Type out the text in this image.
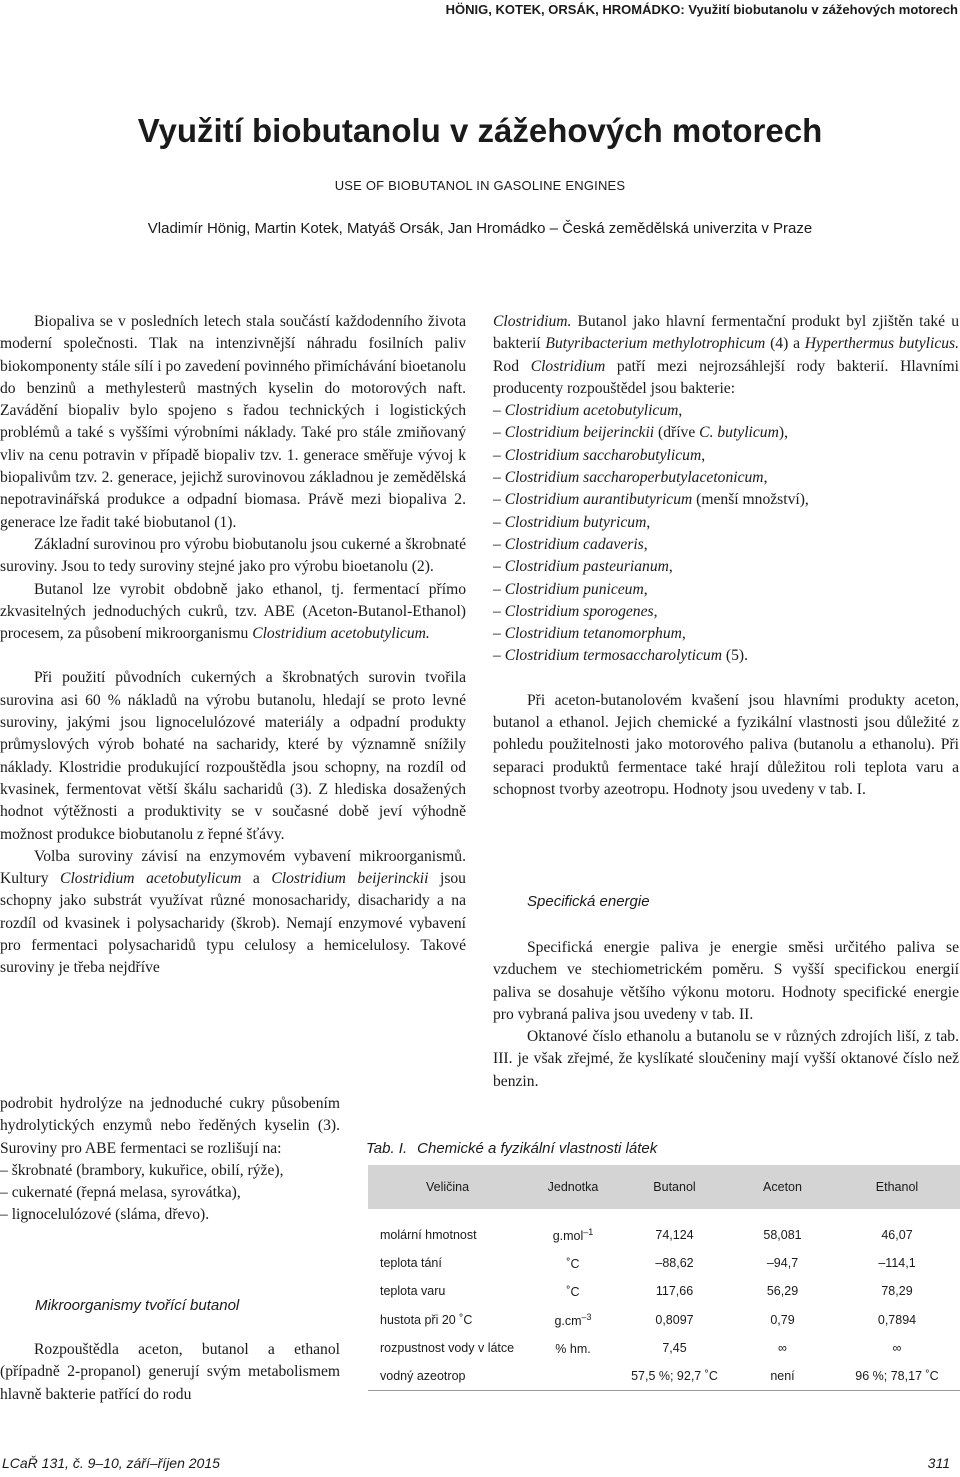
HÖNIG, KOTEK, ORSÁK, HROMÁDKO: Využití biobutanolu v zážehových motorech
Využití biobutanolu v zážehových motorech
USE OF BIOBUTANOL IN GASOLINE ENGINES
Vladimír Hönig, Martin Kotek, Matyáš Orsák, Jan Hromádko – Česká zemědělská univerzita v Praze

Biopaliva se v posledních letech stala součástí každodenního života moderní společnosti. Tlak na intenzivnější náhradu fosilních paliv biokomponenty stále sílí i po zavedení povinného přimíchávání bioetanolu do benzinů a methylesterů mastných kyselin do motorových naft. Zavádění biopaliv bylo spojeno s řadou technických i logistických problémů a také s vyššími výrobními náklady. Také pro stále zmiňovaný vliv na cenu potravin v případě biopaliv tzv. 1. generace směřuje vývoj k biopalivům tzv. 2. generace, jejichž surovinovou základnou je zemědělská nepotravinářská produkce a odpadní biomasa. Právě mezi biopaliva 2. generace lze řadit také biobutanol (1).

Základní surovinou pro výrobu biobutanolu jsou cukerné a škrobnaté suroviny. Jsou to tedy suroviny stejné jako pro výrobu bioetanolu (2).

Butanol lze vyrobit obdobně jako ethanol, tj. fermentací přímo zkvasitelných jednoduchých cukrů, tzv. ABE (Aceton-Butanol-Ethanol) procesem, za působení mikroorganismu Clostridium acetobutylicum.

Při použití původních cukerných a škrobnatých surovin tvořila surovina asi 60 % nákladů na výrobu butanolu, hledají se proto levné suroviny, jakými jsou lignocelulózové materiály a odpadní produkty průmyslových výrob bohaté na sacharidy, které by významně snížily náklady. Klostridie produkující rozpouštědla jsou schopny, na rozdíl od kvasinek, fermentovat větší škálu sacharidů (3). Z hlediska dosažených hodnot výtěžnosti a produktivity se v současné době jeví výhodně možnost produkce biobutanolu z řepné šťávy.

Volba suroviny závisí na enzymovém vybavení mikroorganismů. Kultury Clostridium acetobutylicum a Clostridium beijerinckii jsou schopny jako substrát využívat různé monosacharidy, disacharidy a na rozdíl od kvasinek i polysacharidy (škrob). Nemají enzymové vybavení pro fermentaci polysacharidů typu celulosy a hemicelulosy. Takové suroviny je třeba nejdříve

podrobit hydrolýze na jednoduché cukry působením hydrolytických enzymů nebo ředěných kyselin (3). Suroviny pro ABE fermentaci se rozlišují na:

– škrobnaté (brambory, kukuřice, obilí, rýže),
– cukernaté (řepná melasa, syrovátka),
– lignocelulózové (sláma, dřevo).
Mikroorganismy tvořící butanol

Rozpouštědla aceton, butanol a ethanol (případně 2-propanol) generují svým metabolismem hlavně bakterie patřící do rodu

Clostridium. Butanol jako hlavní fermentační produkt byl zjištěn také u bakterií Butyribacterium methylotrophicum (4) a Hyperthermus butylicus. Rod Clostridium patří mezi nejrozsáhlejší rody bakterií. Hlavními producenty rozpouštědel jsou bakterie:

– Clostridium acetobutylicum,
– Clostridium beijerinckii (dříve C. butylicum),
– Clostridium saccharobutylicum,
– Clostridium saccharoperbutylacetonicum,
– Clostridium aurantibutyricum (menší množství),
– Clostridium butyricum,
– Clostridium cadaveris,
– Clostridium pasteurianum,
– Clostridium puniceum,
– Clostridium sporogenes,
– Clostridium tetanomorphum,
– Clostridium termosaccharolyticum (5).

Při aceton-butanolovém kvašení jsou hlavními produkty aceton, butanol a ethanol. Jejich chemické a fyzikální vlastnosti jsou důležité z pohledu použitelnosti jako motorového paliva (butanolu a ethanolu). Při separaci produktů fermentace také hrají důležitou roli teplota varu a schopnost tvorby azeotropu. Hodnoty jsou uvedeny v tab. I.

Specifická energie

Specifická energie paliva je energie směsi určitého paliva se vzduchem ve stechiometrickém poměru. S vyšší specifickou energií paliva se dosahuje většího výkonu motoru. Hodnoty specifické energie pro vybraná paliva jsou uvedeny v tab. II.

Oktanové číslo ethanolu a butanolu se v různých zdrojích liší, z tab. III. je však zřejmé, že kyslíkaté sloučeniny mají vyšší oktanové číslo než benzin.

Tab. I. Chemické a fyzikální vlastnosti látek
Veličina	Jednotka	Butanol	Aceton	Ethanol
molární hmotnost	g.mol$^{-1}$	74,124	58,081	46,07
teplota tání	˚C	–88,62	–94,7	–114,1
teplota varu	˚C	117,66	56,29	78,29
hustota při 20 ˚C	$g.cm^{-3}$	0,8097	0,79	0,7894
rozpustnost vody v látce	% hm.	7,45	∞	∞
vodný azeotrop		57,5 %; 92,7 ˚C	není	96 %; 78,17 ˚C
LCaŘ 131, č. 9–10, září–říjen 2015	311
